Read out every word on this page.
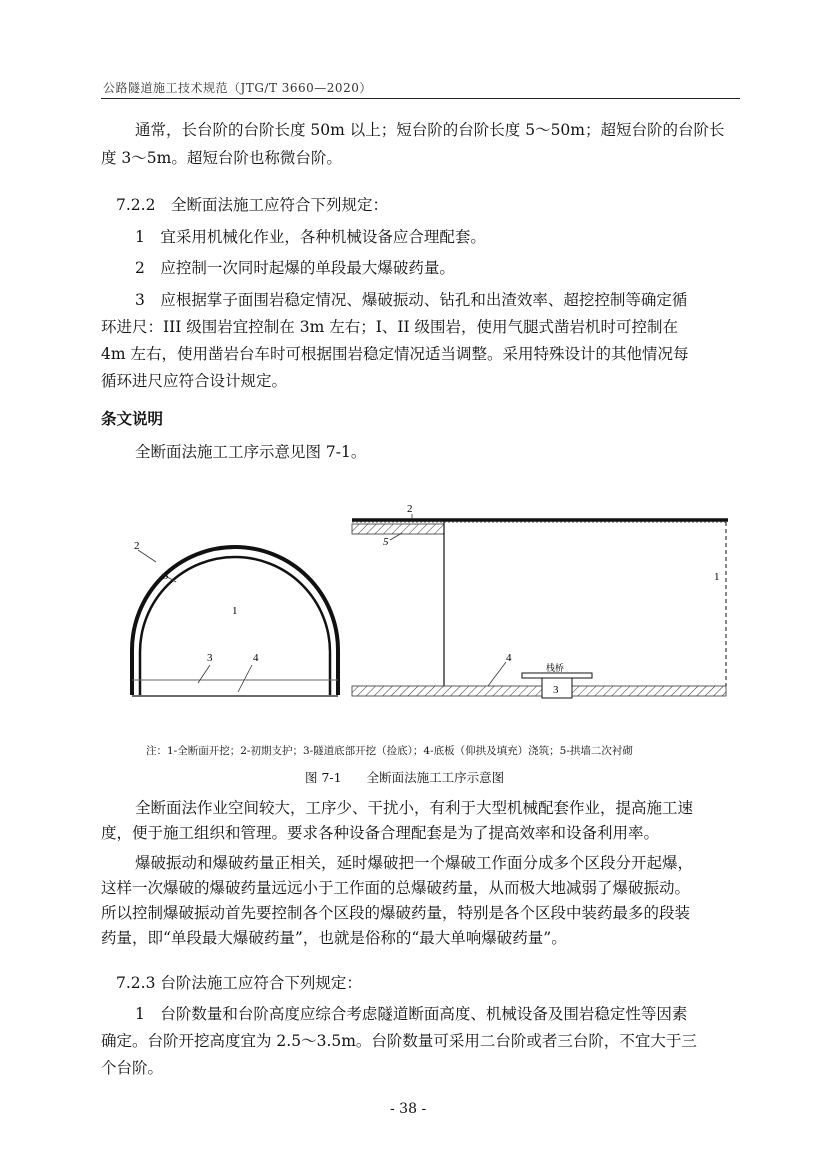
公路隧道施工技术规范（JTG/T 3660—2020）
通常，长台阶的台阶长度 50m 以上；短台阶的台阶长度 5～50m；超短台阶的台阶长
度 3～5m。超短台阶也称微台阶。
7.2.2　全断面法施工应符合下列规定：
1　宜采用机械化作业，各种机械设备应合理配套。
2　应控制一次同时起爆的单段最大爆破药量。
3　应根据掌子面围岩稳定情况、爆破振动、钻孔和出渣效率、超挖控制等确定循
环进尺：III 级围岩宜控制在 3m 左右；I、II 级围岩，使用气腿式凿岩机时可控制在
4m 左右，使用凿岩台车时可根据围岩稳定情况适当调整。采用特殊设计的其他情况每
循环进尺应符合设计规定。
条文说明
全断面法施工工序示意见图 7-1。
2
5
1
3	4
2
5
1
4
栈桥
3
注：1-全断面开挖；2-初期支护；3-隧道底部开挖（捡底）；4-底板（仰拱及填充）浇筑；5-拱墙二次衬砌
图 7-1　　全断面法施工工序示意图
全断面法作业空间较大，工序少、干扰小，有利于大型机械配套作业，提高施工速
度，便于施工组织和管理。要求各种设备合理配套是为了提高效率和设备利用率。
爆破振动和爆破药量正相关，延时爆破把一个爆破工作面分成多个区段分开起爆，
这样一次爆破的爆破药量远远小于工作面的总爆破药量，从而极大地减弱了爆破振动。
所以控制爆破振动首先要控制各个区段的爆破药量，特别是各个区段中装药最多的段装
药量，即“单段最大爆破药量”，也就是俗称的“最大单响爆破药量”。
7.2.3 台阶法施工应符合下列规定：
1　台阶数量和台阶高度应综合考虑隧道断面高度、机械设备及围岩稳定性等因素
确定。台阶开挖高度宜为 2.5～3.5m。台阶数量可采用二台阶或者三台阶，不宜大于三
个台阶。
- 38 -
